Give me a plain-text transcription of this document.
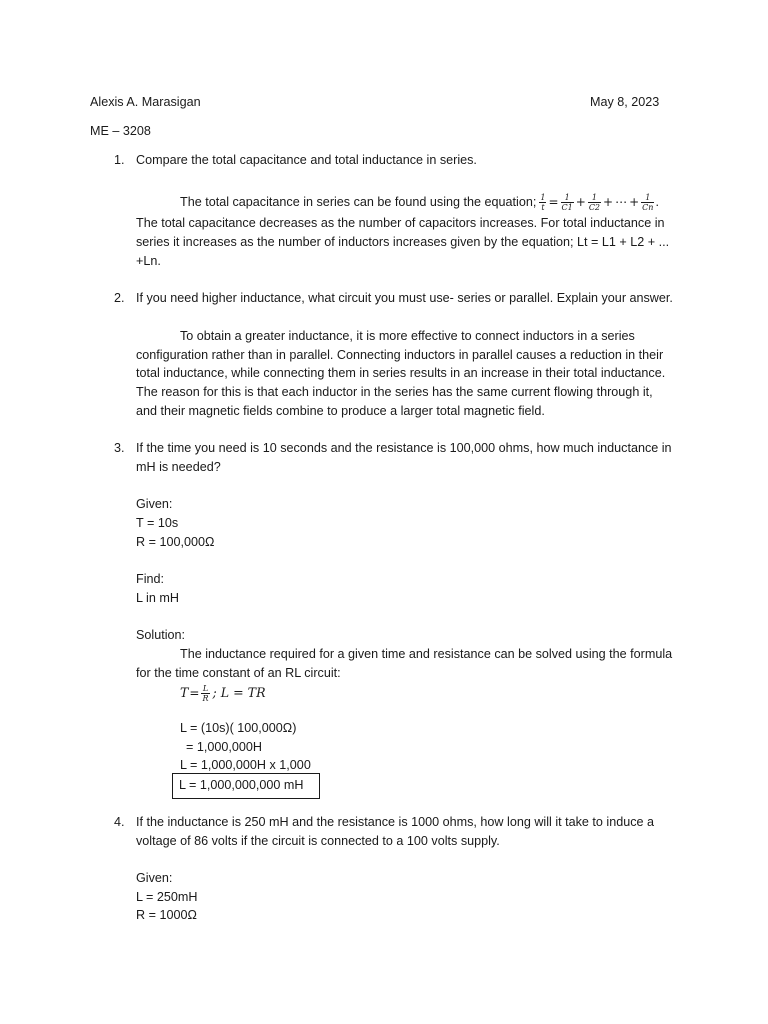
Alexis A. Marasigan	May 8, 2023
ME – 3208
1. Compare the total capacitance and total inductance in series.
The total capacitance in series can be found using the equation; $\frac{1}{t} = \frac{1}{C1} + \frac{1}{C2}$ + ⋯ + $\frac{1}{Cn}$ .
The total capacitance decreases as the number of capacitors increases. For total inductance in
series it increases as the number of inductors increases given by the equation; Lt = L1 + L2 + ...
+Ln.
2. If you need higher inductance, what circuit you must use- series or parallel. Explain your answer.
To obtain a greater inductance, it is more effective to connect inductors in a series
configuration rather than in parallel. Connecting inductors in parallel causes a reduction in their
total inductance, while connecting them in series results in an increase in their total inductance.
The reason for this is that each inductor in the series has the same current flowing through it,
and their magnetic fields combine to produce a larger total magnetic field.
3. If the time you need is 10 seconds and the resistance is 100,000 ohms, how much inductance in
mH is needed?
Given:
T = 10s
R = 100,000Ω
Find:
L in mH
Solution:
The inductance required for a given time and resistance can be solved using the formula
for the time constant of an RL circuit:
$T = \frac{L}{R}$ ; L = TR
L = (10s)( 100,000Ω)
= 1,000,000H
L = 1,000,000H x 1,000
L = 1,000,000,000 mH
4. If the inductance is 250 mH and the resistance is 1000 ohms, how long will it take to induce a
voltage of 86 volts if the circuit is connected to a 100 volts supply.
Given:
L = 250mH
R = 1000Ω
